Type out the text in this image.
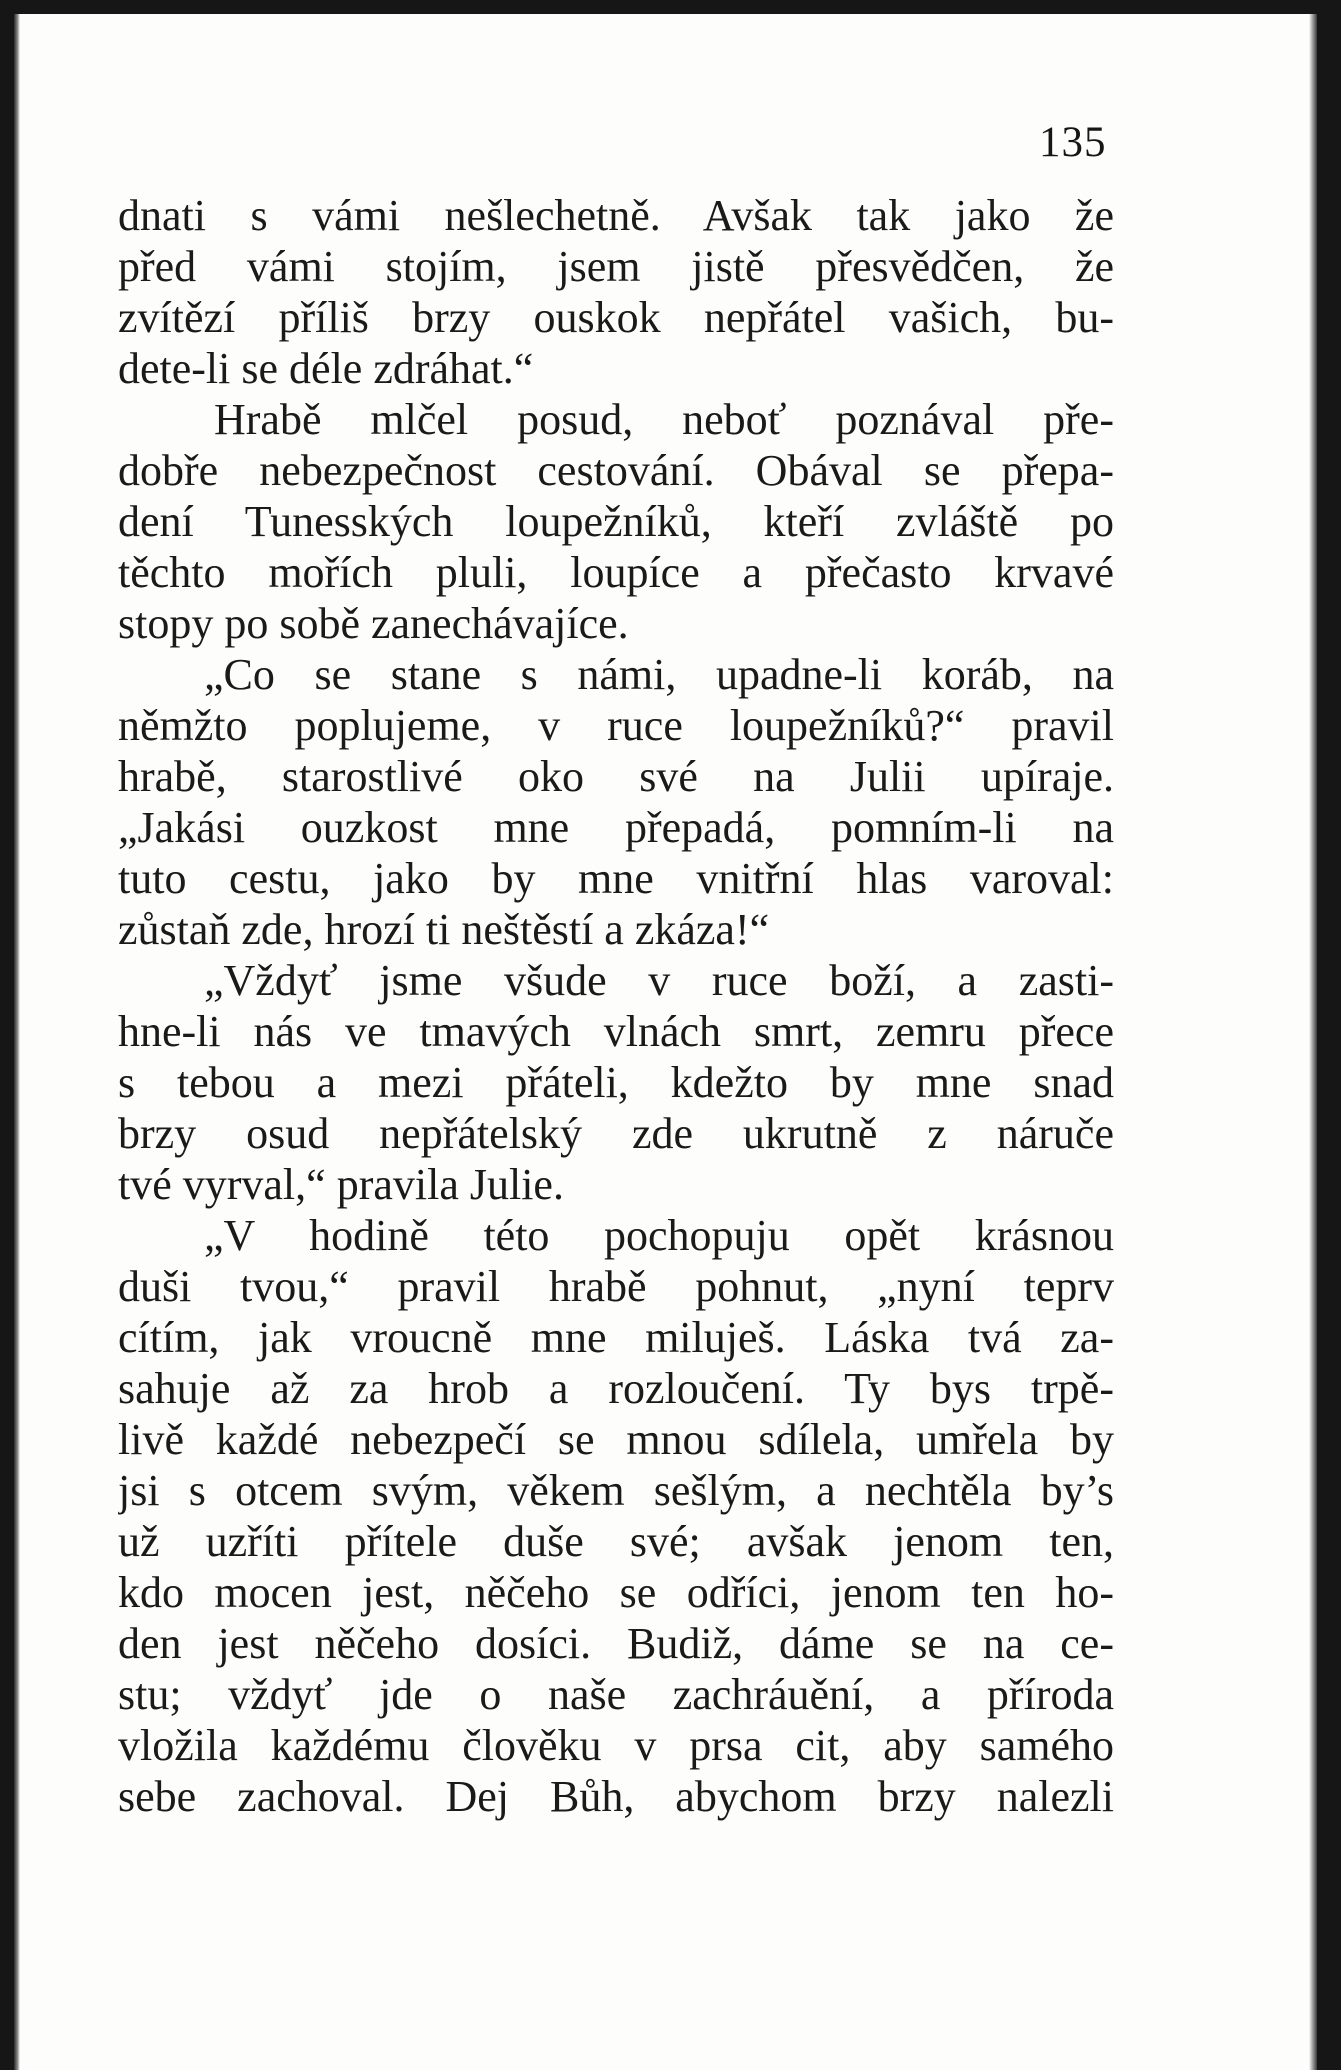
135
dnati s vámi nešlechetně. Avšak tak jako že
před vámi stojím, jsem jistě přesvědčen, že
zvítězí příliš brzy ouskok nepřátel vašich, bu-
dete-li se déle zdráhat.“
Hrabě mlčel posud, neboť poznával pře-
dobře nebezpečnost cestování. Obával se přepa-
dení Tunesských loupežníků, kteří zvláště po
těchto mořích pluli, loupíce a přečasto krvavé
stopy po sobě zanechávajíce.
„Co se stane s námi, upadne-li koráb, na
němžto poplujeme, v ruce loupežníků?“ pravil
hrabě, starostlivé oko své na Julii upíraje.
„Jakási ouzkost mne přepadá, pomním-li na
tuto cestu, jako by mne vnitřní hlas varoval:
zůstaň zde, hrozí ti neštěstí a zkáza!“
„Vždyť jsme všude v ruce boží, a zasti-
hne-li nás ve tmavých vlnách smrt, zemru přece
s tebou a mezi přáteli, kdežto by mne snad
brzy osud nepřátelský zde ukrutně z náruče
tvé vyrval,“ pravila Julie.
„V hodině této pochopuju opět krásnou
duši tvou,“ pravil hrabě pohnut, „nyní teprv
cítím, jak vroucně mne miluješ. Láska tvá za-
sahuje až za hrob a rozloučení. Ty bys trpě-
livě každé nebezpečí se mnou sdílela, umřela by
jsi s otcem svým, věkem sešlým, a nechtěla by’s
už uzříti přítele duše své; avšak jenom ten,
kdo mocen jest, něčeho se odříci, jenom ten ho-
den jest něčeho dosíci. Budiž, dáme se na ce-
stu; vždyť jde o naše zachráuění, a příroda
vložila každému člověku v prsa cit, aby samého
sebe zachoval. Dej Bůh, abychom brzy nalezli
